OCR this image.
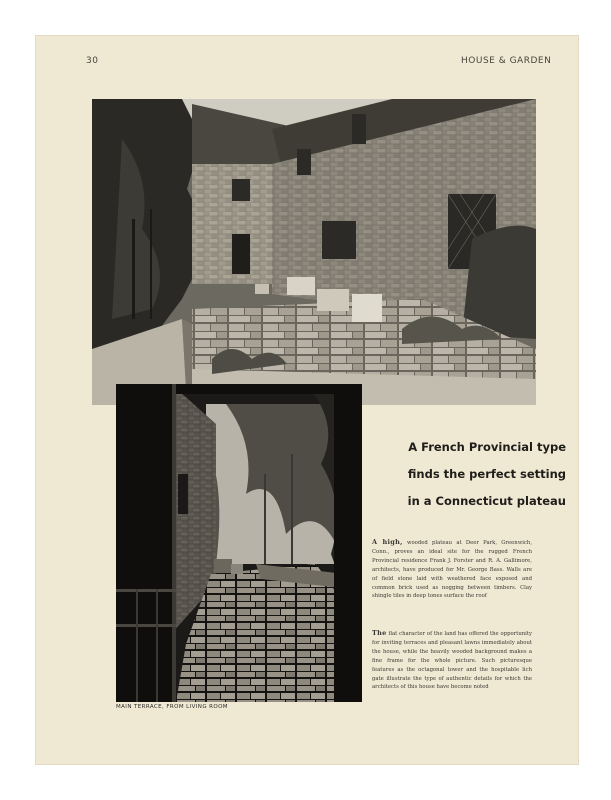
30	HOUSE & GARDEN
MAIN TERRACE, FROM LIVING ROOM
A French Provincial type
finds the perfect setting
in a Connecticut plateau
A high, wooded plateau at Deer Park, Greenwich, Conn., proves an ideal site for the rugged French Provincial residence Frank J. Forster and R. A. Gallimore, architects, have produced for Mr. George Bass. Walls are of field stone laid with weathered face exposed and common brick used as nogging between timbers. Clay shingle tiles in deep tones surface the roof
The flat character of the land has offered the opportunity for inviting terraces and pleasant lawns immediately about the house, while the heavily wooded background makes a fine frame for the whole picture. Such picturesque features as the octagonal tower and the hospitable lich gate illustrate the type of authentic details for which the architects of this house have become noted
